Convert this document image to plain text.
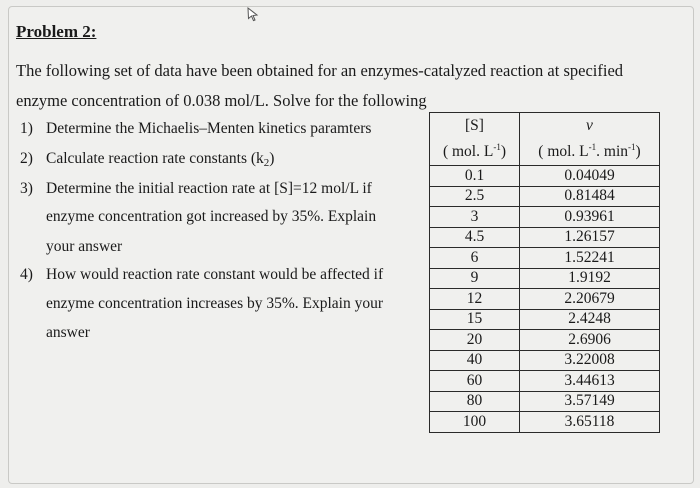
Problem 2:

The following set of data have been obtained for an enzymes-catalyzed reaction at specified enzyme concentration of 0.038 mol/L. Solve for the following

1) Determine the Michaelis–Menten kinetics paramters
2) Calculate reaction rate constants $(k_2)$
3) Determine the initial reaction rate at [S]=12 mol/L if
enzyme concentration got increased by 35%. Explain
your answer
4) How would reaction rate constant would be affected if
enzyme concentration increases by 35%. Explain your
answer
[S]	v
( mol. $L^{-1}$)	( mol. $L^{-1}$. $\min^{-1}$)
0.1	0.04049
2.5	0.81484
3	0.93961
4.5	1.26157
6	1.52241
9	1.9192
12	2.20679
15	2.4248
20	2.6906
40	3.22008
60	3.44613
80	3.57149
100	3.65118
